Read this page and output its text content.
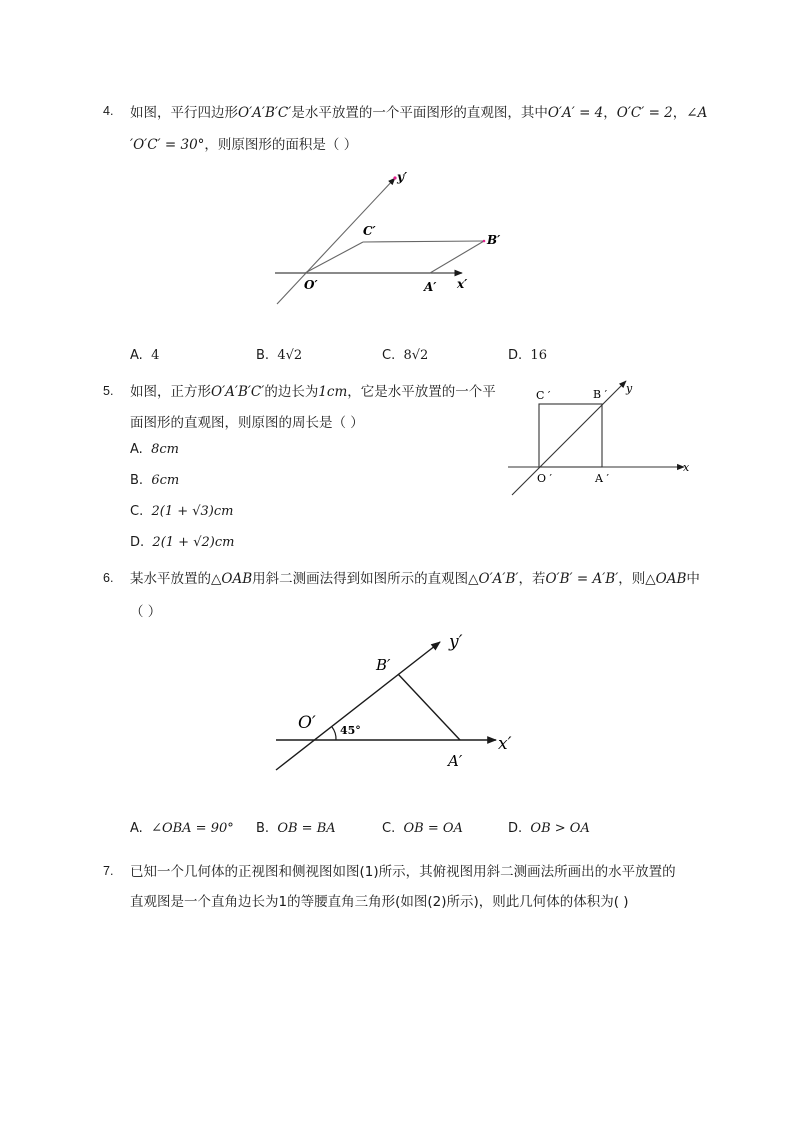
4. 如图，平行四边形O′A′B′C′是水平放置的一个平面图形的直观图，其中O′A′ = 4，O′C′ = 2，∠A
′O′C′ = 30°，则原图形的面积是（ ）
y′
C′
B′
O′	A′ x′
A. 4	B. 4√2	C. 8√2	D. 16
5. 如图，正方形O′A′B′C′的边长为1cm，它是水平放置的一个平
面图形的直观图，则原图的周长是（ ）
A. 8cm
B. 6cm
C. 2(1 + √3)cm
D. 2(1 + √2)cm
C ′	B ′ y
O ′	A ′
x
6. 某水平放置的△OAB用斜二测画法得到如图所示的直观图△O′A′B′，若O′B′ = A′B′，则△OAB中
（ ）
y′
B′
O′ 45°
A′
x′
A. ∠OBA = 90° B. OB = BA	C. OB = OA	D. OB > OA
7. 已知一个几何体的正视图和侧视图如图(1)所示，其俯视图用斜二测画法所画出的水平放置的
直观图是一个直角边长为1的等腰直角三角形(如图(2)所示)，则此几何体的体积为( )
